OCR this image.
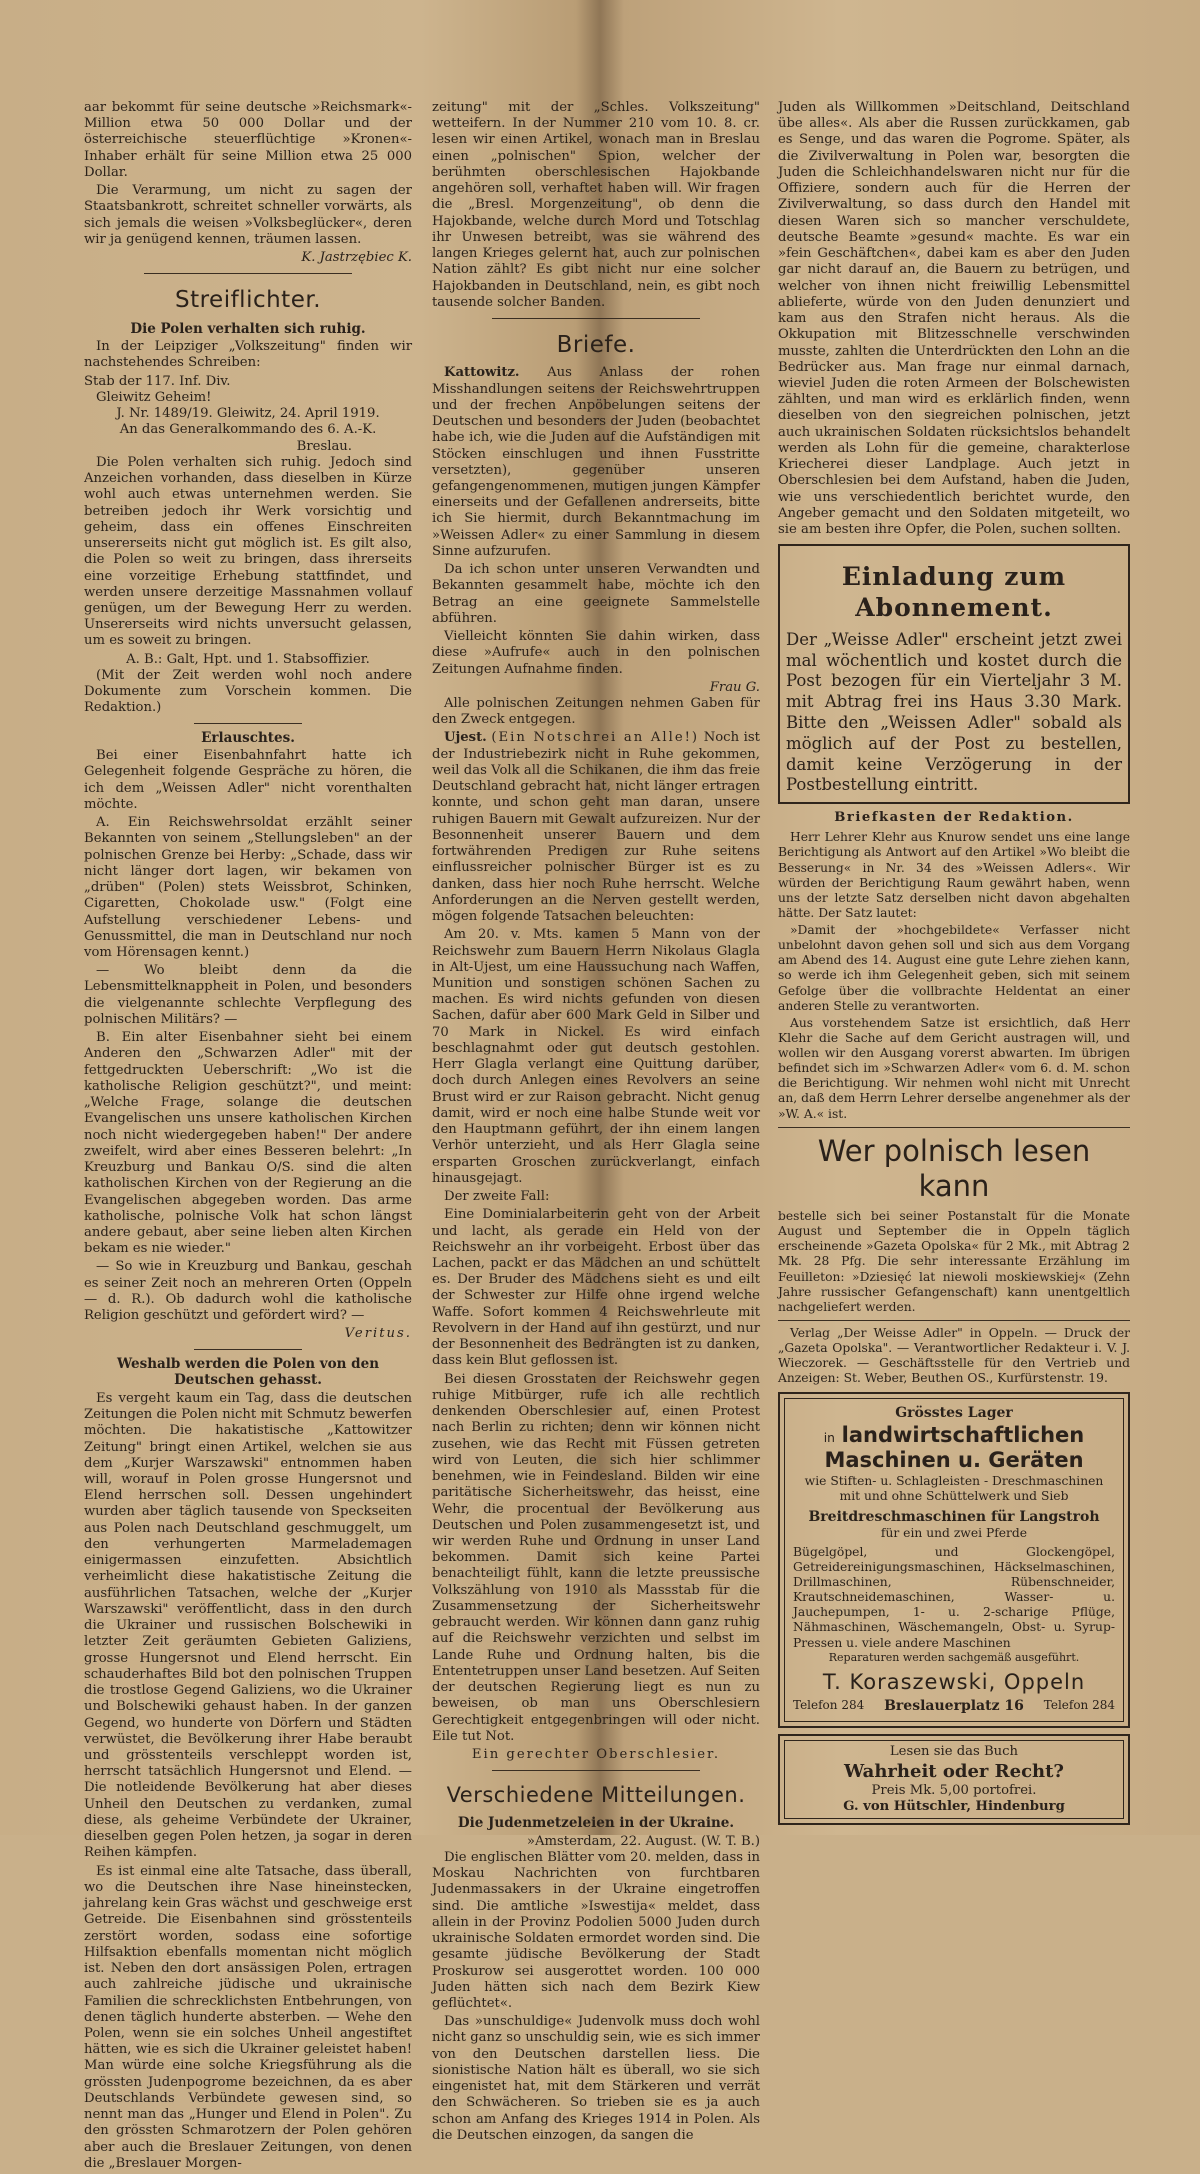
aar bekommt für seine deutsche »Reichsmark«-Million etwa 50 000 Dollar und der österreichische steuerflüchtige »Kronen«-Inhaber erhält für seine Million etwa 25 000 Dollar.

Die Verarmung, um nicht zu sagen der Staatsbankrott, schreitet schneller vorwärts, als sich jemals die weisen »Volksbeglücker«, deren wir ja genügend kennen, träumen lassen.

K. Jastrzębiec K.
Streiflichter.
Die Polen verhalten sich ruhig.

In der Leipziger „Volkszeitung" finden wir nachstehendes Schreiben:

Stab der 117. Inf. Div.
Gleiwitz Geheim!
J. Nr. 1489/19. Gleiwitz, 24. April 1919.
An das Generalkommando des 6. A.-K.
Breslau.

Die Polen verhalten sich ruhig. Jedoch sind Anzeichen vorhanden, dass dieselben in Kürze wohl auch etwas unternehmen werden. Sie betreiben jedoch ihr Werk vorsichtig und geheim, dass ein offenes Einschreiten unsererseits nicht gut möglich ist. Es gilt also, die Polen so weit zu bringen, dass ihrerseits eine vorzeitige Erhebung stattfindet, und werden unsere derzeitige Massnahmen vollauf genügen, um der Bewegung Herr zu werden. Unsererseits wird nichts unversucht gelassen, um es soweit zu bringen.

A. B.: Galt, Hpt. und 1. Stabsoffizier.

(Mit der Zeit werden wohl noch andere Dokumente zum Vorschein kommen. Die Redaktion.)

Erlauschtes.

Bei einer Eisenbahnfahrt hatte ich Gelegenheit folgende Gespräche zu hören, die ich dem „Weissen Adler" nicht vorenthalten möchte.

A. Ein Reichswehrsoldat erzählt seiner Bekannten von seinem „Stellungsleben" an der polnischen Grenze bei Herby: „Schade, dass wir nicht länger dort lagen, wir bekamen von „drüben" (Polen) stets Weissbrot, Schinken, Cigaretten, Chokolade usw." (Folgt eine Aufstellung verschiedener Lebens- und Genussmittel, die man in Deutschland nur noch vom Hörensagen kennt.)

— Wo bleibt denn da die Lebensmittelknappheit in Polen, und besonders die vielgenannte schlechte Verpflegung des polnischen Militärs? —

B. Ein alter Eisenbahner sieht bei einem Anderen den „Schwarzen Adler" mit der fettgedruckten Ueberschrift: „Wo ist die katholische Religion geschützt?", und meint: „Welche Frage, solange die deutschen Evangelischen uns unsere katholischen Kirchen noch nicht wiedergegeben haben!" Der andere zweifelt, wird aber eines Besseren belehrt: „In Kreuzburg und Bankau O/S. sind die alten katholischen Kirchen von der Regierung an die Evangelischen abgegeben worden. Das arme katholische, polnische Volk hat schon längst andere gebaut, aber seine lieben alten Kirchen bekam es nie wieder."

— So wie in Kreuzburg und Bankau, geschah es seiner Zeit noch an mehreren Orten (Oppeln — d. R.). Ob dadurch wohl die katholische Religion geschützt und gefördert wird? —

Veritus.
Weshalb werden die Polen von den Deutschen gehasst.

Es vergeht kaum ein Tag, dass die deutschen Zeitungen die Polen nicht mit Schmutz bewerfen möchten. Die hakatistische „Kattowitzer Zeitung" bringt einen Artikel, welchen sie aus dem „Kurjer Warszawski" entnommen haben will, worauf in Polen grosse Hungersnot und Elend herrschen soll. Dessen ungehindert wurden aber täglich tausende von Speckseiten aus Polen nach Deutschland geschmuggelt, um den verhungerten Marmelademagen einigermassen einzufetten. Absichtlich verheimlicht diese hakatistische Zeitung die ausführlichen Tatsachen, welche der „Kurjer Warszawski" veröffentlicht, dass in den durch die Ukrainer und russischen Bolschewiki in letzter Zeit geräumten Gebieten Galiziens, grosse Hungersnot und Elend herrscht. Ein schauderhaftes Bild bot den polnischen Truppen die trostlose Gegend Galiziens, wo die Ukrainer und Bolschewiki gehaust haben. In der ganzen Gegend, wo hunderte von Dörfern und Städten verwüstet, die Bevölkerung ihrer Habe beraubt und grösstenteils verschleppt worden ist, herrscht tatsächlich Hungersnot und Elend. — Die notleidende Bevölkerung hat aber dieses Unheil den Deutschen zu verdanken, zumal diese, als geheime Verbündete der Ukrainer, dieselben gegen Polen hetzen, ja sogar in deren Reihen kämpfen.

Es ist einmal eine alte Tatsache, dass überall, wo die Deutschen ihre Nase hineinstecken, jahrelang kein Gras wächst und geschweige erst Getreide. Die Eisenbahnen sind grösstenteils zerstört worden, sodass eine sofortige Hilfsaktion ebenfalls momentan nicht möglich ist. Neben den dort ansässigen Polen, ertragen auch zahlreiche jüdische und ukrainische Familien die schrecklichsten Entbehrungen, von denen täglich hunderte absterben. — Wehe den Polen, wenn sie ein solches Unheil angestiftet hätten, wie es sich die Ukrainer geleistet haben! Man würde eine solche Kriegsführung als die grössten Judenpogrome bezeichnen, da es aber Deutschlands Verbündete gewesen sind, so nennt man das „Hunger und Elend in Polen". Zu den grössten Schmarotzern der Polen gehören aber auch die Breslauer Zeitungen, von denen die „Breslauer Morgen-

zeitung" mit der „Schles. Volkszeitung" wetteifern. In der Nummer 210 vom 10. 8. cr. lesen wir einen Artikel, wonach man in Breslau einen „polnischen" Spion, welcher der berühmten oberschlesischen Hajokbande angehören soll, verhaftet haben will. Wir fragen die „Bresl. Morgenzeitung", ob denn die Hajokbande, welche durch Mord und Totschlag ihr Unwesen betreibt, was sie während des langen Krieges gelernt hat, auch zur polnischen Nation zählt? Es gibt nicht nur eine solcher Hajokbanden in Deutschland, nein, es gibt noch tausende solcher Banden.

Briefe.

Kattowitz. Aus Anlass der rohen Misshandlungen seitens der Reichswehrtruppen und der frechen Anpöbelungen seitens der Deutschen und besonders der Juden (beobachtet habe ich, wie die Juden auf die Aufständigen mit Stöcken einschlugen und ihnen Fusstritte versetzten), gegenüber unseren gefangengenommenen, mutigen jungen Kämpfer einerseits und der Gefallenen andrerseits, bitte ich Sie hiermit, durch Bekanntmachung im »Weissen Adler« zu einer Sammlung in diesem Sinne aufzurufen.

Da ich schon unter unseren Verwandten und Bekannten gesammelt habe, möchte ich den Betrag an eine geeignete Sammelstelle abführen.

Vielleicht könnten Sie dahin wirken, dass diese »Aufrufe« auch in den polnischen Zeitungen Aufnahme finden.

Frau G.

Alle polnischen Zeitungen nehmen Gaben für den Zweck entgegen.

Ujest. (Ein Notschrei an Alle!) Noch ist der Industriebezirk nicht in Ruhe gekommen, weil das Volk all die Schikanen, die ihm das freie Deutschland gebracht hat, nicht länger ertragen konnte, und schon geht man daran, unsere ruhigen Bauern mit Gewalt aufzureizen. Nur der Besonnenheit unserer Bauern und dem fortwährenden Predigen zur Ruhe seitens einflussreicher polnischer Bürger ist es zu danken, dass hier noch Ruhe herrscht. Welche Anforderungen an die Nerven gestellt werden, mögen folgende Tatsachen beleuchten:

Am 20. v. Mts. kamen 5 Mann von der Reichswehr zum Bauern Herrn Nikolaus Glagla in Alt-Ujest, um eine Haussuchung nach Waffen, Munition und sonstigen schönen Sachen zu machen. Es wird nichts gefunden von diesen Sachen, dafür aber 600 Mark Geld in Silber und 70 Mark in Nickel. Es wird einfach beschlagnahmt oder gut deutsch gestohlen. Herr Glagla verlangt eine Quittung darüber, doch durch Anlegen eines Revolvers an seine Brust wird er zur Raison gebracht. Nicht genug damit, wird er noch eine halbe Stunde weit vor den Hauptmann geführt, der ihn einem langen Verhör unterzieht, und als Herr Glagla seine ersparten Groschen zurückverlangt, einfach hinausgejagt.

Der zweite Fall:

Eine Dominialarbeiterin geht von der Arbeit und lacht, als gerade ein Held von der Reichswehr an ihr vorbeigeht. Erbost über das Lachen, packt er das Mädchen an und schüttelt es. Der Bruder des Mädchens sieht es und eilt der Schwester zur Hilfe ohne irgend welche Waffe. Sofort kommen 4 Reichswehrleute mit Revolvern in der Hand auf ihn gestürzt, und nur der Besonnenheit des Bedrängten ist zu danken, dass kein Blut geflossen ist.

Bei diesen Grosstaten der Reichswehr gegen ruhige Mitbürger, rufe ich alle rechtlich denkenden Oberschlesier auf, einen Protest nach Berlin zu richten; denn wir können nicht zusehen, wie das Recht mit Füssen getreten wird von Leuten, die sich hier schlimmer benehmen, wie in Feindesland. Bilden wir eine paritätische Sicherheitswehr, das heisst, eine Wehr, die procentual der Bevölkerung aus Deutschen und Polen zusammengesetzt ist, und wir werden Ruhe und Ordnung in unser Land bekommen. Damit sich keine Partei benachteiligt fühlt, kann die letzte preussische Volkszählung von 1910 als Massstab für die Zusammensetzung der Sicherheitswehr gebraucht werden. Wir können dann ganz ruhig auf die Reichswehr verzichten und selbst im Lande Ruhe und Ordnung halten, bis die Ententetruppen unser Land besetzen. Auf Seiten der deutschen Regierung liegt es nun zu beweisen, ob man uns Oberschlesiern Gerechtigkeit entgegenbringen will oder nicht. Eile tut Not.

Ein gerechter Oberschlesier.
Verschiedene Mitteilungen.
Die Judenmetzeleien in der Ukraine.
»Amsterdam, 22. August. (W. T. B.)

Die englischen Blätter vom 20. melden, dass in Moskau Nachrichten von furchtbaren Judenmassakers in der Ukraine eingetroffen sind. Die amtliche »Iswestija« meldet, dass allein in der Provinz Podolien 5000 Juden durch ukrainische Soldaten ermordet worden sind. Die gesamte jüdische Bevölkerung der Stadt Proskurow sei ausgerottet worden. 100 000 Juden hätten sich nach dem Bezirk Kiew geflüchtet«.

Das »unschuldige« Judenvolk muss doch wohl nicht ganz so unschuldig sein, wie es sich immer von den Deutschen darstellen liess. Die sionistische Nation hält es überall, wo sie sich eingenistet hat, mit dem Stärkeren und verrät den Schwächeren. So trieben sie es ja auch schon am Anfang des Krieges 1914 in Polen. Als die Deutschen einzogen, da sangen die

Juden als Willkommen »Deitschland, Deitschland übe alles«. Als aber die Russen zurückkamen, gab es Senge, und das waren die Pogrome. Später, als die Zivilverwaltung in Polen war, besorgten die Juden die Schleichhandelswaren nicht nur für die Offiziere, sondern auch für die Herren der Zivilverwaltung, so dass durch den Handel mit diesen Waren sich so mancher verschuldete, deutsche Beamte »gesund« machte. Es war ein »fein Geschäftchen«, dabei kam es aber den Juden gar nicht darauf an, die Bauern zu betrügen, und welcher von ihnen nicht freiwillig Lebensmittel ablieferte, würde von den Juden denunziert und kam aus den Strafen nicht heraus. Als die Okkupation mit Blitzesschnelle verschwinden musste, zahlten die Unterdrückten den Lohn an die Bedrücker aus. Man frage nur einmal darnach, wieviel Juden die roten Armeen der Bolschewisten zählten, und man wird es erklärlich finden, wenn dieselben von den siegreichen polnischen, jetzt auch ukrainischen Soldaten rücksichtslos behandelt werden als Lohn für die gemeine, charakterlose Kriecherei dieser Landplage. Auch jetzt in Oberschlesien bei dem Aufstand, haben die Juden, wie uns verschiedentlich berichtet wurde, den Angeber gemacht und den Soldaten mitgeteilt, wo sie am besten ihre Opfer, die Polen, suchen sollten.

Einladung zum Abonnement.
Der „Weisse Adler" erscheint jetzt zwei mal wöchentlich und kostet durch die Post bezogen für ein Vierteljahr 3 M. mit Abtrag frei ins Haus 3.30 Mark. Bitte den „Weissen Adler" sobald als möglich auf der Post zu bestellen, damit keine Verzögerung in der Postbestellung eintritt.
Briefkasten der Redaktion.

Herr Lehrer Klehr aus Knurow sendet uns eine lange Berichtigung als Antwort auf den Artikel »Wo bleibt die Besserung« in Nr. 34 des »Weissen Adlers«. Wir würden der Berichtigung Raum gewährt haben, wenn uns der letzte Satz derselben nicht davon abgehalten hätte. Der Satz lautet:

»Damit der »hochgebildete« Verfasser nicht unbelohnt davon gehen soll und sich aus dem Vorgang am Abend des 14. August eine gute Lehre ziehen kann, so werde ich ihm Gelegenheit geben, sich mit seinem Gefolge über die vollbrachte Heldentat an einer anderen Stelle zu verantworten.

Aus vorstehendem Satze ist ersichtlich, daß Herr Klehr die Sache auf dem Gericht austragen will, und wollen wir den Ausgang vorerst abwarten. Im übrigen befindet sich im »Schwarzen Adler« vom 6. d. M. schon die Berichtigung. Wir nehmen wohl nicht mit Unrecht an, daß dem Herrn Lehrer derselbe angenehmer als der »W. A.« ist.

Wer polnisch lesen kann

bestelle sich bei seiner Postanstalt für die Monate August und September die in Oppeln täglich erscheinende »Gazeta Opolska« für 2 Mk., mit Abtrag 2 Mk. 28 Pfg. Die sehr interessante Erzählung im Feuilleton: »Dziesięć lat niewoli moskiewskiej« (Zehn Jahre russischer Gefangenschaft) kann unentgeltlich nachgeliefert werden.

Verlag „Der Weisse Adler" in Oppeln. — Druck der „Gazeta Opolska". — Verantwortlicher Redakteur i. V. J. Wieczorek. — Geschäftsstelle für den Vertrieb und Anzeigen: St. Weber, Beuthen OS., Kurfürstenstr. 19.

Grösstes Lager
in landwirtschaftlichen
Maschinen u. Geräten
wie Stiften- u. Schlagleisten - Dreschmaschinen mit und ohne Schüttelwerk und Sieb
Breitdreschmaschinen für Langstroh
für ein und zwei Pferde
Bügelgöpel, und Glockengöpel, Getreidereinigungsmaschinen, Häckselmaschinen, Drillmaschinen, Rübenschneider, Krautschneidemaschinen, Wasser- u. Jauchepumpen, 1- u. 2-scharige Pflüge, Nähmaschinen, Wäschemangeln, Obst- u. Syrup-Pressen u. viele andere Maschinen
Reparaturen werden sachgemäß ausgeführt.
T. Koraszewski, Oppeln
Telefon 284 Breslauerplatz 16 Telefon 284
Lesen sie das Buch
Wahrheit oder Recht?
Preis Mk. 5,00 portofrei.
G. von Hütschler, Hindenburg
